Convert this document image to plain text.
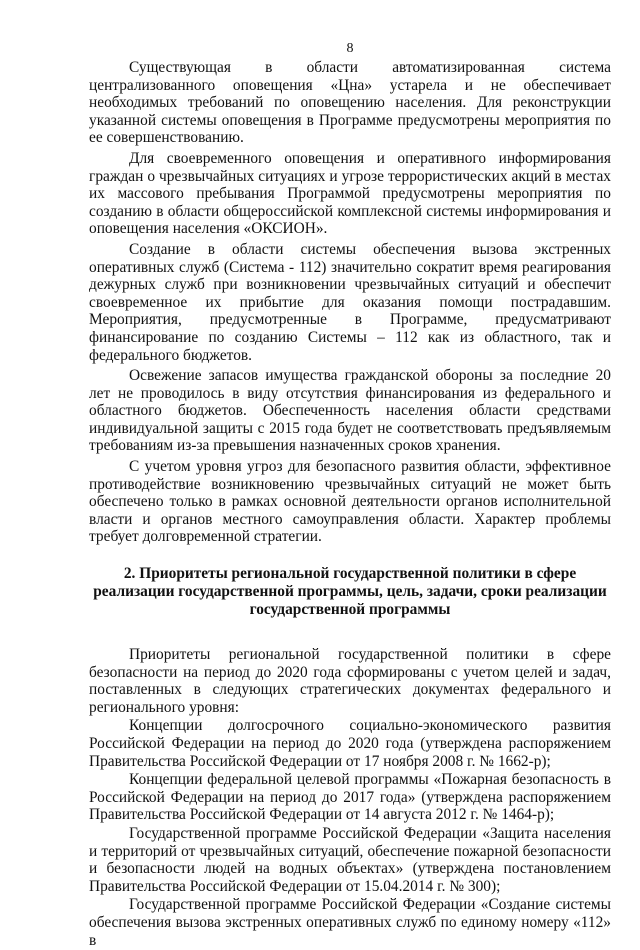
8

Существующая в области автоматизированная система централизованного оповещения «Цна» устарела и не обеспечивает необходимых требований по оповещению населения. Для реконструкции указанной системы оповещения в Программе предусмотрены мероприятия по ее совершенствованию.

Для своевременного оповещения и оперативного информирования граждан о чрезвычайных ситуациях и угрозе террористических акций в местах их массового пребывания Программой предусмотрены мероприятия по созданию в области общероссийской комплексной системы информирования и оповещения населения «ОКСИОН».

Создание в области системы обеспечения вызова экстренных оперативных служб (Система - 112) значительно сократит время реагирования дежурных служб при возникновении чрезвычайных ситуаций и обеспечит своевременное их прибытие для оказания помощи пострадавшим. Мероприятия, предусмотренные в Программе, предусматривают финансирование по созданию Системы – 112 как из областного, так и федерального бюджетов.

Освежение запасов имущества гражданской обороны за последние 20 лет не проводилось в виду отсутствия финансирования из федерального и областного бюджетов. Обеспеченность населения области средствами индивидуальной защиты с 2015 года будет не соответствовать предъявляемым требованиям из-за превышения назначенных сроков хранения.

С учетом уровня угроз для безопасного развития области, эффективное противодействие возникновению чрезвычайных ситуаций не может быть обеспечено только в рамках основной деятельности органов исполнительной власти и органов местного самоуправления области. Характер проблемы требует долговременной стратегии.

2. Приоритеты региональной государственной политики в сфере реализации государственной программы, цель, задачи, сроки реализации государственной программы

Приоритеты региональной государственной политики в сфере безопасности на период до 2020 года сформированы с учетом целей и задач, поставленных в следующих стратегических документах федерального и регионального уровня:

Концепции долгосрочного социально-экономического развития Российской Федерации на период до 2020 года (утверждена распоряжением Правительства Российской Федерации от 17 ноября 2008 г. № 1662-р);

Концепции федеральной целевой программы «Пожарная безопасность в Российской Федерации на период до 2017 года» (утверждена распоряжением Правительства Российской Федерации от 14 августа 2012 г. № 1464-р);

Государственной программе Российской Федерации «Защита населения и территорий от чрезвычайных ситуаций, обеспечение пожарной безопасности и безопасности людей на водных объектах» (утверждена постановлением Правительства Российской Федерации от 15.04.2014 г. № 300);

Государственной программе Российской Федерации «Создание системы обеспечения вызова экстренных оперативных служб по единому номеру «112» в
